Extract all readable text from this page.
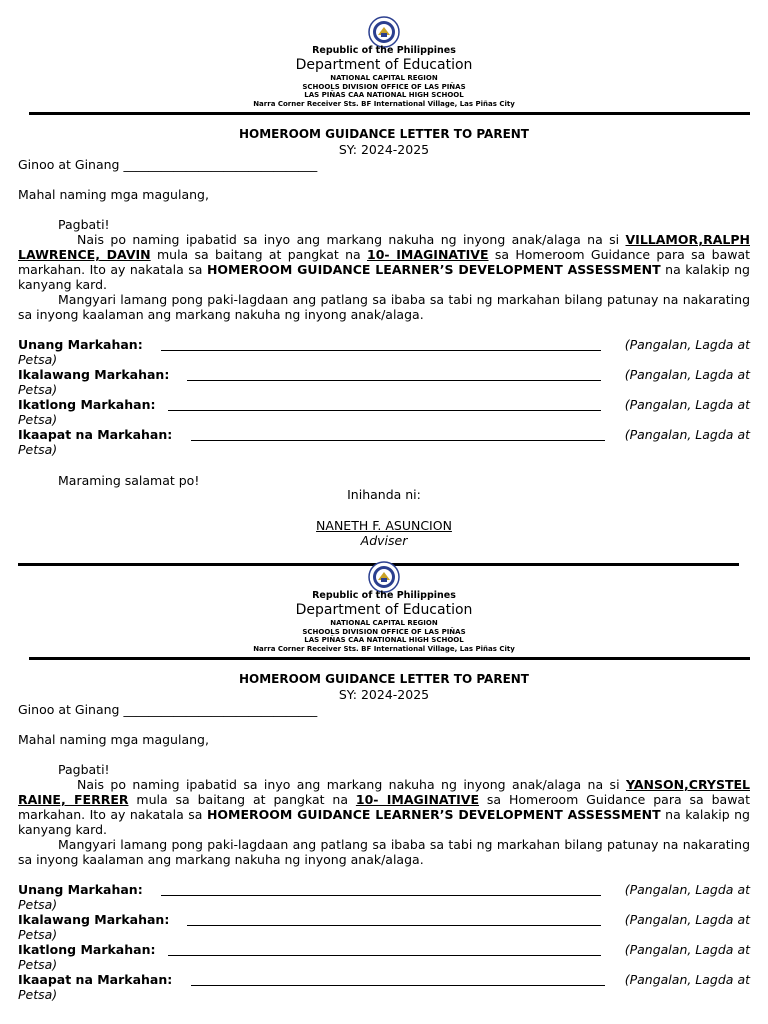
Republic of the Philippines
Department of Education
NATIONAL CAPITAL REGION
SCHOOLS DIVISION OFFICE OF LAS PIÑAS
LAS PIÑAS CAA NATIONAL HIGH SCHOOL
Narra Corner Receiver Sts. BF International Village, Las Piñas City
HOMEROOM GUIDANCE LETTER TO PARENT
SY: 2024-2025
Ginoo at Ginang _______________________________
Mahal naming mga magulang,
Pagbati!
Nais po naming ipabatid sa inyo ang markang nakuha ng inyong anak/alaga na si VILLAMOR,RALPH LAWRENCE, DAVIN mula sa baitang at pangkat na 10- IMAGINATIVE sa Homeroom Guidance para sa bawat markahan. Ito ay nakatala sa HOMEROOM GUIDANCE LEARNER’S DEVELOPMENT ASSESSMENT na kalakip ng kanyang kard.
Mangyari lamang pong paki-lagdaan ang patlang sa ibaba sa tabi ng markahan bilang patunay na nakarating sa inyong kaalaman ang markang nakuha ng inyong anak/alaga.
Unang Markahan:	(Pangalan, Lagda at
Petsa)
Ikalawang Markahan:	(Pangalan, Lagda at
Petsa)
Ikatlong Markahan:	(Pangalan, Lagda at
Petsa)
Ikaapat na Markahan:	(Pangalan, Lagda at
Petsa)
Maraming salamat po!
Inihanda ni:
NANETH F. ASUNCION
Adviser
Republic of the Philippines
Department of Education
NATIONAL CAPITAL REGION
SCHOOLS DIVISION OFFICE OF LAS PIÑAS
LAS PIÑAS CAA NATIONAL HIGH SCHOOL
Narra Corner Receiver Sts. BF International Village, Las Piñas City
HOMEROOM GUIDANCE LETTER TO PARENT
SY: 2024-2025
Ginoo at Ginang _______________________________
Mahal naming mga magulang,
Pagbati!
Nais po naming ipabatid sa inyo ang markang nakuha ng inyong anak/alaga na si YANSON,CRYSTEL RAINE, FERRER mula sa baitang at pangkat na 10- IMAGINATIVE sa Homeroom Guidance para sa bawat markahan. Ito ay nakatala sa HOMEROOM GUIDANCE LEARNER’S DEVELOPMENT ASSESSMENT na kalakip ng kanyang kard.
Mangyari lamang pong paki-lagdaan ang patlang sa ibaba sa tabi ng markahan bilang patunay na nakarating sa inyong kaalaman ang markang nakuha ng inyong anak/alaga.
Unang Markahan:	(Pangalan, Lagda at
Petsa)
Ikalawang Markahan:	(Pangalan, Lagda at
Petsa)
Ikatlong Markahan:	(Pangalan, Lagda at
Petsa)
Ikaapat na Markahan:	(Pangalan, Lagda at
Petsa)
